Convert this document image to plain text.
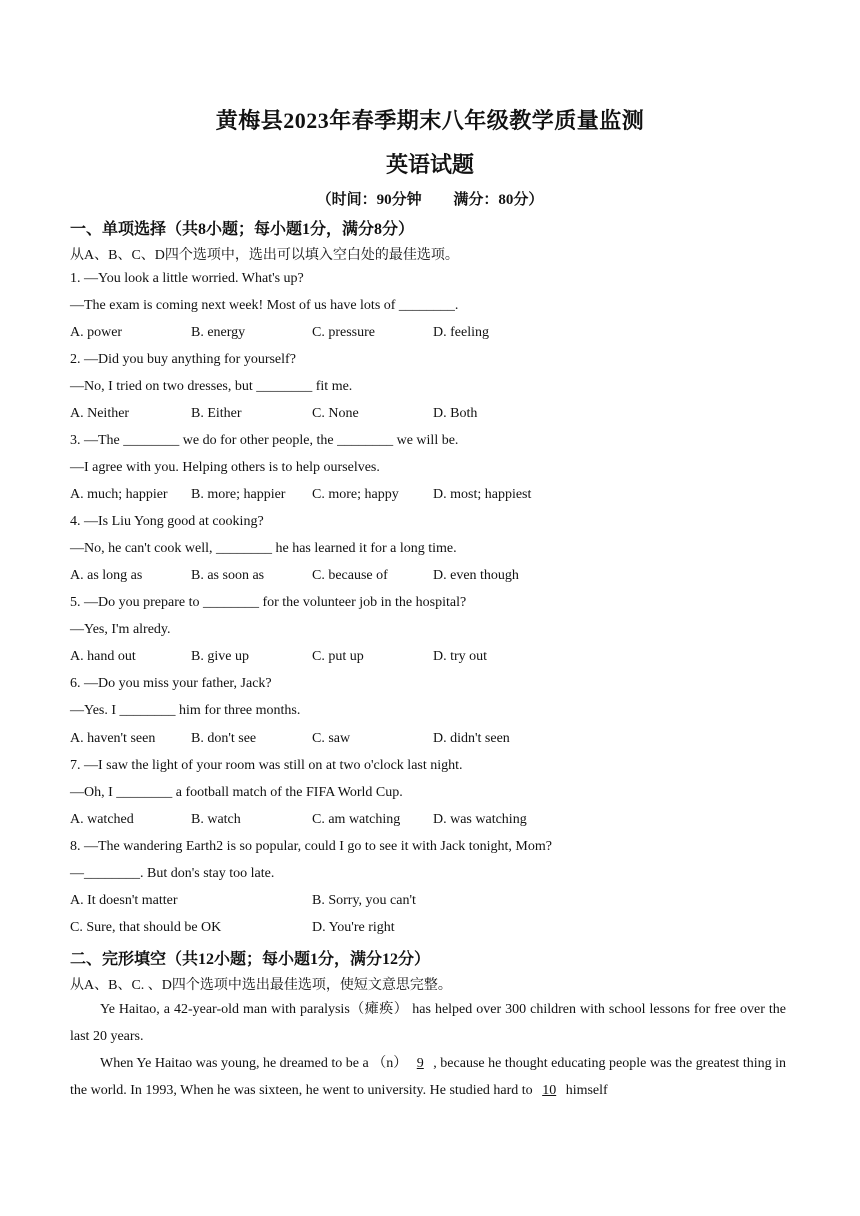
黄梅县2023年春季期末八年级教学质量监测
英语试题
（时间：90分钟 满分：80分）
一、单项选择（共8小题；每小题1分，满分8分）
从A、B、C、D四个选项中，选出可以填入空白处的最佳选项。
1. —You look a little worried. What's up?
—The exam is coming next week! Most of us have lots of ________.
A. power	B. energy	C. pressure	D. feeling
2. —Did you buy anything for yourself?
—No, I tried on two dresses, but ________ fit me.
A. Neither	B. Either	C. None	D. Both
3. —The ________ we do for other people, the ________ we will be.
—I agree with you. Helping others is to help ourselves.
A. much; happier B. more; happier C. more; happy D. most; happiest
4. —Is Liu Yong good at cooking?
—No, he can't cook well, ________ he has learned it for a long time.
A. as long as	B. as soon as	C. because of	D. even though
5. —Do you prepare to ________ for the volunteer job in the hospital?
—Yes, I'm alredy.
A. hand out	B. give up	C. put up	D. try out
6. —Do you miss your father, Jack?
—Yes. I ________ him for three months.
A. haven't seen	B. don't see	C. saw	D. didn't seen
7. —I saw the light of your room was still on at two o'clock last night.
—Oh, I ________ a football match of the FIFA World Cup.
A. watched	B. watch	C. am watching D. was watching
8. —The wandering Earth2 is so popular, could I go to see it with Jack tonight, Mom?
—________. But don's stay too late.
A. It doesn't matter	B. Sorry, you can't
C. Sure, that should be OK	D. You're right
二、完形填空（共12小题；每小题1分，满分12分）
从A、B、C. 、D四个选项中选出最佳选项，使短文意思完整。
Ye Haitao, a 42-year-old man with paralysis（瘫痪） has helped over 300 children with school lessons for free over the last 20 years.
When Ye Haitao was young, he dreamed to be a （n） 9 , because he thought educating people was the greatest thing in the world. In 1993, When he was sixteen, he went to university. He studied hard to 10 himself
